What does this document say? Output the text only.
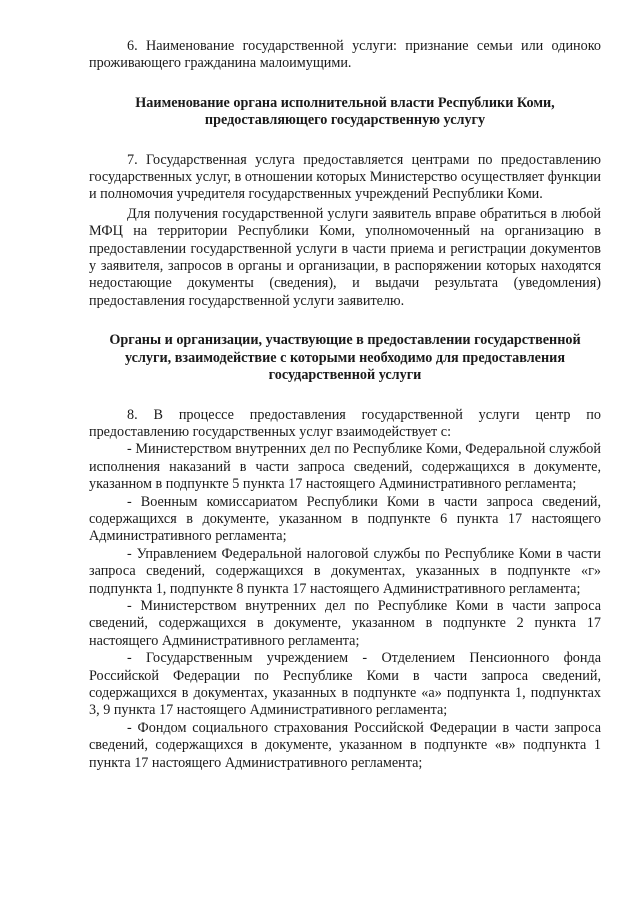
6. Наименование государственной услуги: признание семьи или одиноко проживающего гражданина малоимущими.

Наименование органа исполнительной власти Республики Коми, предоставляющего государственную услугу

7. Государственная услуга предоставляется центрами по предоставлению государственных услуг, в отношении которых Министерство осуществляет функции и полномочия учредителя государственных учреждений Республики Коми.

Для получения государственной услуги заявитель вправе обратиться в любой МФЦ на территории Республики Коми, уполномоченный на организацию в предоставлении государственной услуги в части приема и регистрации документов у заявителя, запросов в органы и организации, в распоряжении которых находятся недостающие документы (сведения), и выдачи результата (уведомления) предоставления государственной услуги заявителю.

Органы и организации, участвующие в предоставлении государственной услуги, взаимодействие с которыми необходимо для предоставления государственной услуги

8. В процессе предоставления государственной услуги центр по предоставлению государственных услуг взаимодействует с:

- Министерством внутренних дел по Республике Коми, Федеральной службой исполнения наказаний в части запроса сведений, содержащихся в документе, указанном в подпункте 5 пункта 17 настоящего Административного регламента;

- Военным комиссариатом Республики Коми в части запроса сведений, содержащихся в документе, указанном в подпункте 6 пункта 17 настоящего Административного регламента;

- Управлением Федеральной налоговой службы по Республике Коми в части запроса сведений, содержащихся в документах, указанных в подпункте «г» подпункта 1, подпункте 8 пункта 17 настоящего Административного регламента;

- Министерством внутренних дел по Республике Коми в части запроса сведений, содержащихся в документе, указанном в подпункте 2 пункта 17 настоящего Административного регламента;

- Государственным учреждением - Отделением Пенсионного фонда Российской Федерации по Республике Коми в части запроса сведений, содержащихся в документах, указанных в подпункте «а» подпункта 1, подпунктах 3, 9 пункта 17 настоящего Административного регламента;

- Фондом социального страхования Российской Федерации в части запроса сведений, содержащихся в документе, указанном в подпункте «в» подпункта 1 пункта 17 настоящего Административного регламента;
